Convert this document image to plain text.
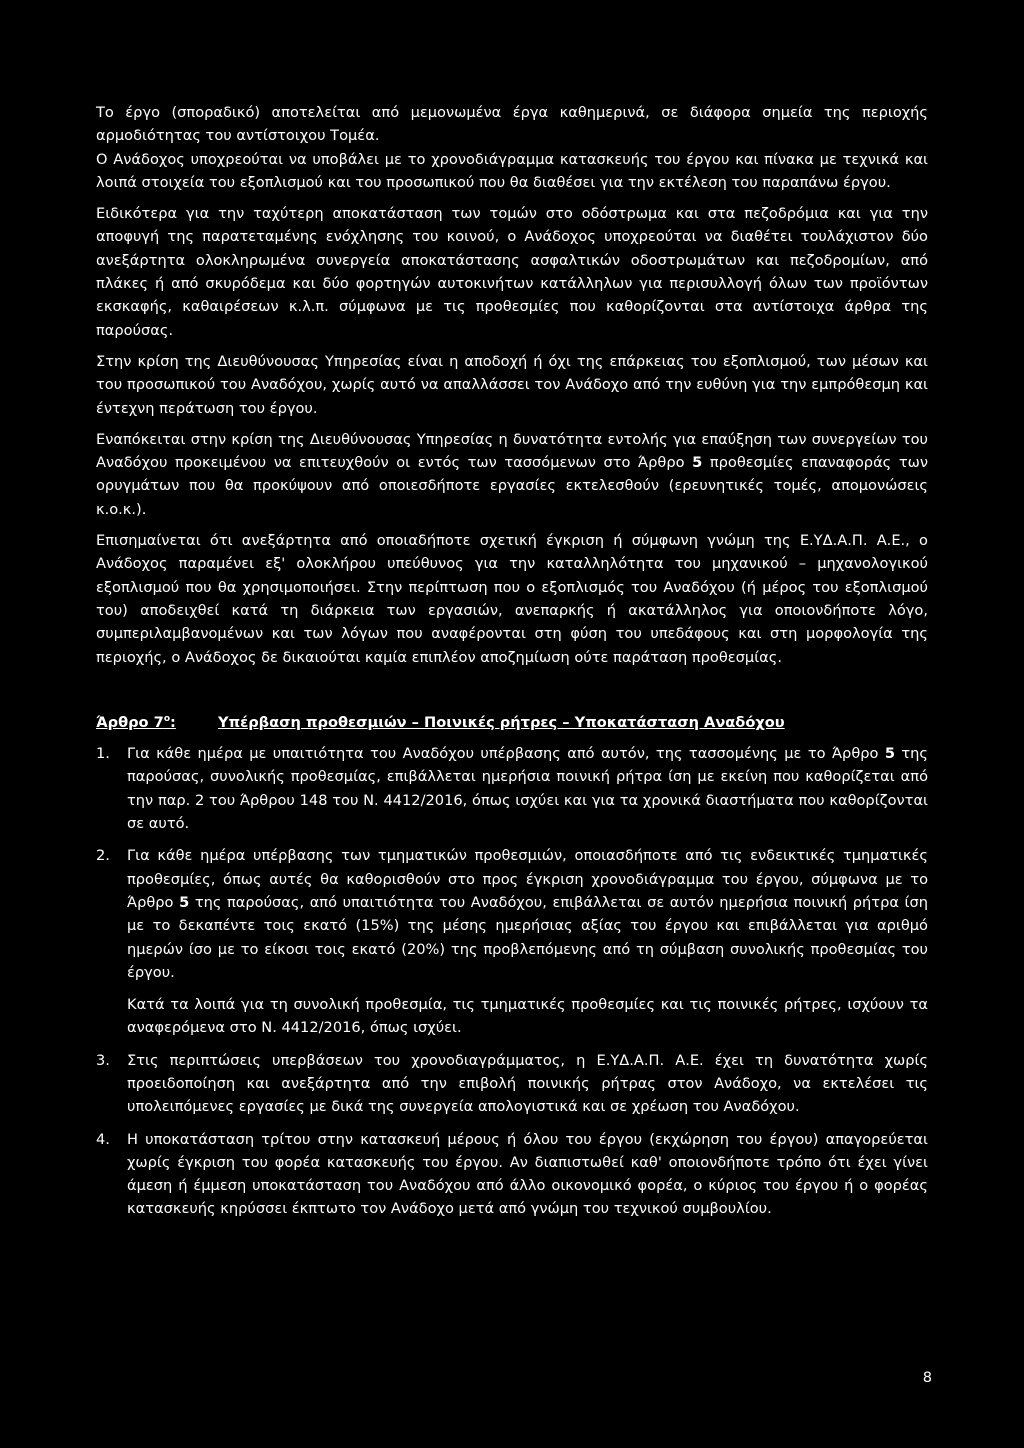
Το έργο (σποραδικό) αποτελείται από μεμονωμένα έργα καθημερινά, σε διάφορα σημεία της περιοχής αρμοδιότητας του αντίστοιχου Τομέα.

Ο Ανάδοχος υποχρεούται να υποβάλει με το χρονοδιάγραμμα κατασκευής του έργου και πίνακα με τεχνικά και λοιπά στοιχεία του εξοπλισμού και του προσωπικού που θα διαθέσει για την εκτέλεση του παραπάνω έργου.

Ειδικότερα για την ταχύτερη αποκατάσταση των τομών στο οδόστρωμα και στα πεζοδρόμια και για την αποφυγή της παρατεταμένης ενόχλησης του κοινού, ο Ανάδοχος υποχρεούται να διαθέτει τουλάχιστον δύο ανεξάρτητα ολοκληρωμένα συνεργεία αποκατάστασης ασφαλτικών οδοστρωμάτων και πεζοδρομίων, από πλάκες ή από σκυρόδεμα και δύο φορτηγών αυτοκινήτων κατάλληλων για περισυλλογή όλων των προϊόντων εκσκαφής, καθαιρέσεων κ.λ.π. σύμφωνα με τις προθεσμίες που καθορίζονται στα αντίστοιχα άρθρα της παρούσας.

Στην κρίση της Διευθύνουσας Υπηρεσίας είναι η αποδοχή ή όχι της επάρκειας του εξοπλισμού, των μέσων και του προσωπικού του Αναδόχου, χωρίς αυτό να απαλλάσσει τον Ανάδοχο από την ευθύνη για την εμπρόθεσμη και έντεχνη περάτωση του έργου.

Εναπόκειται στην κρίση της Διευθύνουσας Υπηρεσίας η δυνατότητα εντολής για επαύξηση των συνεργείων του Αναδόχου προκειμένου να επιτευχθούν οι εντός των τασσόμενων στο Άρθρο 5 προθεσμίες επαναφοράς των ορυγμάτων που θα προκύψουν από οποιεσδήποτε εργασίες εκτελεσθούν (ερευνητικές τομές, απομονώσεις κ.ο.κ.).

Επισημαίνεται ότι ανεξάρτητα από οποιαδήποτε σχετική έγκριση ή σύμφωνη γνώμη της Ε.ΥΔ.Α.Π. Α.Ε., ο Ανάδοχος παραμένει εξ' ολοκλήρου υπεύθυνος για την καταλληλότητα του μηχανικού – μηχανολογικού εξοπλισμού που θα χρησιμοποιήσει. Στην περίπτωση που ο εξοπλισμός του Αναδόχου (ή μέρος του εξοπλισμού του) αποδειχθεί κατά τη διάρκεια των εργασιών, ανεπαρκής ή ακατάλληλος για οποιονδήποτε λόγο, συμπεριλαμβανομένων και των λόγων που αναφέρονται στη φύση του υπεδάφους και στη μορφολογία της περιοχής, ο Ανάδοχος δε δικαιούται καμία επιπλέον αποζημίωση ούτε παράταση προθεσμίας.

Άρθρο $7^o$:	Υπέρβαση προθεσμιών – Ποινικές ρήτρες – Υποκατάσταση Αναδόχου
1.	Για κάθε ημέρα με υπαιτιότητα του Αναδόχου υπέρβασης από αυτόν, της τασσομένης με το Άρθρο 5 της παρούσας, συνολικής προθεσμίας, επιβάλλεται ημερήσια ποινική ρήτρα ίση με εκείνη που καθορίζεται από την παρ. 2 του Άρθρου 148 του Ν. 4412/2016, όπως ισχύει και για τα χρονικά διαστήματα που καθορίζονται σε αυτό.

2.	Για κάθε ημέρα υπέρβασης των τμηματικών προθεσμιών, οποιασδήποτε από τις ενδεικτικές τμηματικές προθεσμίες, όπως αυτές θα καθορισθούν στο προς έγκριση χρονοδιάγραμμα του έργου, σύμφωνα με το Άρθρο 5 της παρούσας, από υπαιτιότητα του Αναδόχου, επιβάλλεται σε αυτόν ημερήσια ποινική ρήτρα ίση με το δεκαπέντε τοις εκατό (15%) της μέσης ημερήσιας αξίας του έργου και επιβάλλεται για αριθμό ημερών ίσο με το είκοσι τοις εκατό (20%) της προβλεπόμενης από τη σύμβαση συνολικής προθεσμίας του έργου.

Κατά τα λοιπά για τη συνολική προθεσμία, τις τμηματικές προθεσμίες και τις ποινικές ρήτρες, ισχύουν τα αναφερόμενα στο Ν. 4412/2016, όπως ισχύει.

3.	Στις περιπτώσεις υπερβάσεων του χρονοδιαγράμματος, η Ε.ΥΔ.Α.Π. Α.Ε. έχει τη δυνατότητα χωρίς προειδοποίηση και ανεξάρτητα από την επιβολή ποινικής ρήτρας στον Ανάδοχο, να εκτελέσει τις υπολειπόμενες εργασίες με δικά της συνεργεία απολογιστικά και σε χρέωση του Αναδόχου.

4.	Η υποκατάσταση τρίτου στην κατασκευή μέρους ή όλου του έργου (εκχώρηση του έργου) απαγορεύεται χωρίς έγκριση του φορέα κατασκευής του έργου. Αν διαπιστωθεί καθ' οποιονδήποτε τρόπο ότι έχει γίνει άμεση ή έμμεση υποκατάσταση του Αναδόχου από άλλο οικονομικό φορέα, ο κύριος του έργου ή ο φορέας κατασκευής κηρύσσει έκπτωτο τον Ανάδοχο μετά από γνώμη του τεχνικού συμβουλίου.

8
